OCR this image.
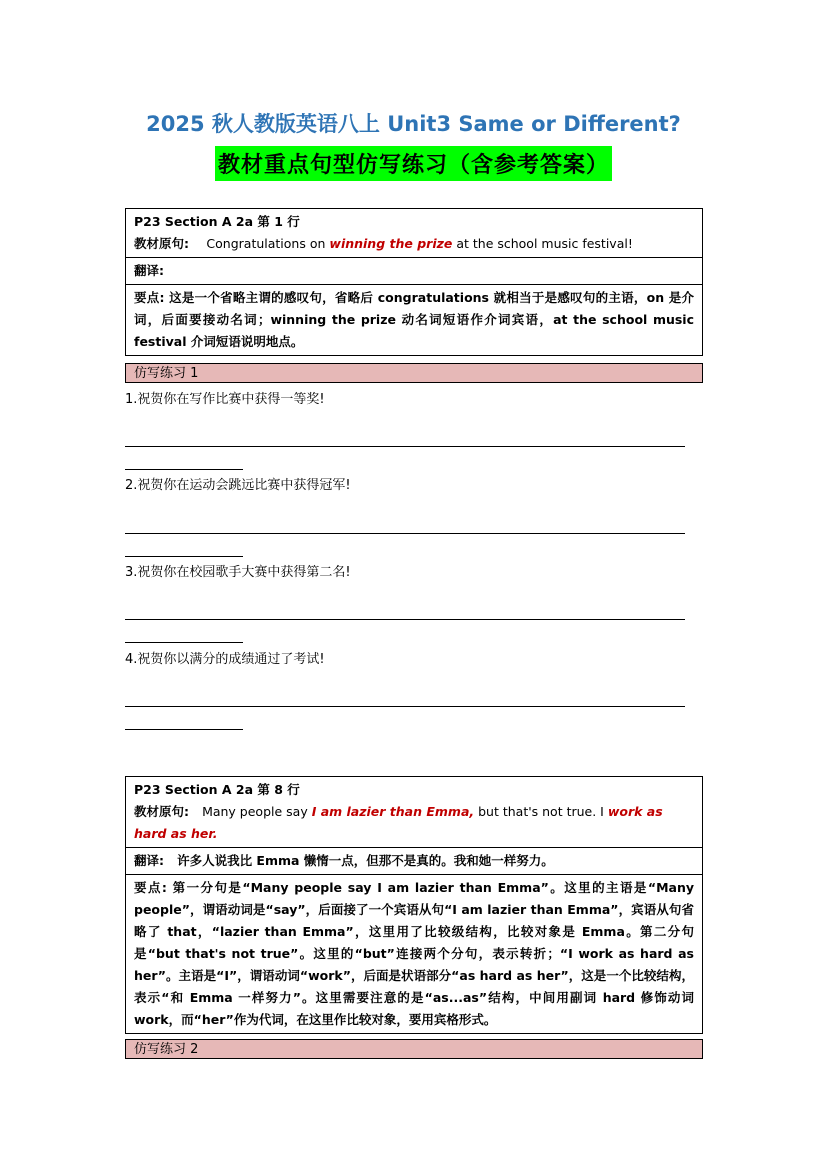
2025 秋人教版英语八上 Unit3 Same or Different?
教材重点句型仿写练习（含参考答案）
P23 Section A 2a 第 1 行
教材原句: Congratulations on winning the prize at the school music festival!

翻译:
要点: 这是一个省略主谓的感叹句，省略后 congratulations 就相当于是感叹句的主语，on 是介词，后面要接动名词；winning the prize 动名词短语作介词宾语，at the school music festival 介词短语说明地点。
仿写练习 1
1.祝贺你在写作比赛中获得一等奖!
2.祝贺你在运动会跳远比赛中获得冠军!
3.祝贺你在校园歌手大赛中获得第二名!
4.祝贺你以满分的成绩通过了考试!
P23 Section A 2a 第 8 行
教材原句: Many people say I am lazier than Emma, but that's not true. I work as hard as her.

翻译: 许多人说我比 Emma 懒惰一点，但那不是真的。我和她一样努力。
要点: 第一分句是“Many people say I am lazier than Emma”。这里的主语是“Many people”，谓语动词是“say”，后面接了一个宾语从句“I am lazier than Emma”，宾语从句省略了 that，“lazier than Emma”，这里用了比较级结构，比较对象是 Emma。第二分句是“but that's not true”。这里的“but”连接两个分句，表示转折；“I work as hard as her”。主语是“I”，谓语动词“work”，后面是状语部分“as hard as her”，这是一个比较结构，表示“和 Emma 一样努力”。这里需要注意的是“as...as”结构，中间用副词 hard 修饰动词 work，而“her”作为代词，在这里作比较对象，要用宾格形式。
仿写练习 2
